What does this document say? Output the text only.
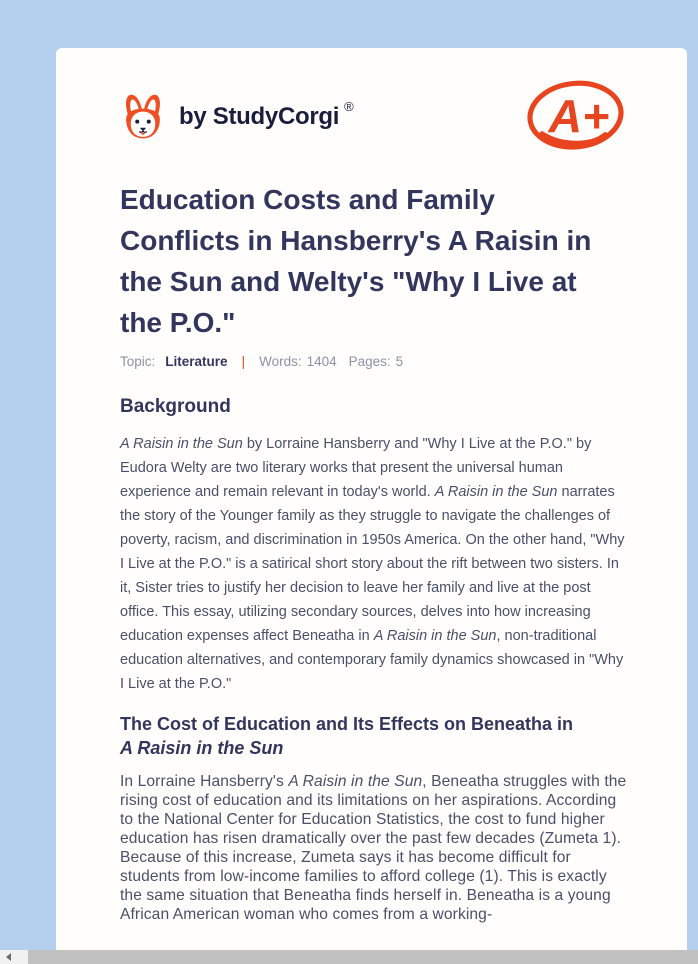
by StudyCorgi ®	A+
Education Costs and Family Conflicts in Hansberry's A Raisin in the Sun and Welty's "Why I Live at the P.O."
Topic: Literature | Words: 1404 Pages: 5
Background

A Raisin in the Sun by Lorraine Hansberry and "Why I Live at the P.O." by Eudora Welty are two literary works that present the universal human experience and remain relevant in today's world. A Raisin in the Sun narrates the story of the Younger family as they struggle to navigate the challenges of poverty, racism, and discrimination in 1950s America. On the other hand, "Why I Live at the P.O." is a satirical short story about the rift between two sisters. In it, Sister tries to justify her decision to leave her family and live at the post office. This essay, utilizing secondary sources, delves into how increasing education expenses affect Beneatha in A Raisin in the Sun, non-traditional education alternatives, and contemporary family dynamics showcased in "Why I Live at the P.O."

The Cost of Education and Its Effects on Beneatha in A Raisin in the Sun

In Lorraine Hansberry's A Raisin in the Sun, Beneatha struggles with the rising cost of education and its limitations on her aspirations. According to the National Center for Education Statistics, the cost to fund higher education has risen dramatically over the past few decades (Zumeta 1). Because of this increase, Zumeta says it has become difficult for students from low-income families to afford college (1). This is exactly the same situation that Beneatha finds herself in. Beneatha is a young African American woman who comes from a working-
